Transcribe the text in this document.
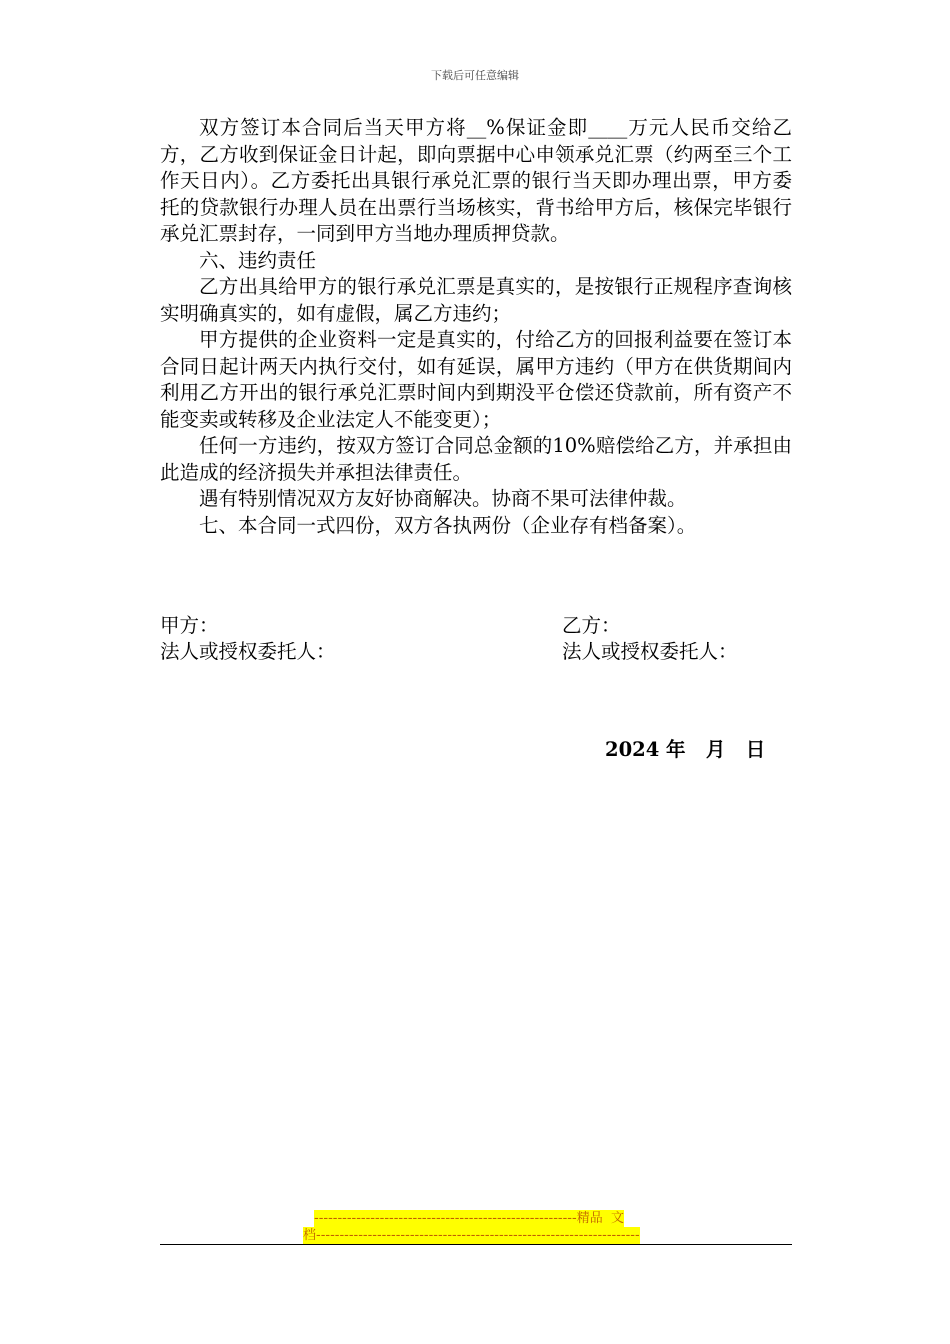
下载后可任意编辑

双方签订本合同后当天甲方将__%保证金即____万元人民币交给乙方，乙方收到保证金日计起，即向票据中心申领承兑汇票（约两至三个工作天日内）。乙方委托出具银行承兑汇票的银行当天即办理出票，甲方委托的贷款银行办理人员在出票行当场核实，背书给甲方后，核保完毕银行承兑汇票封存，一同到甲方当地办理质押贷款。

六、违约责任

乙方出具给甲方的银行承兑汇票是真实的，是按银行正规程序查询核实明确真实的，如有虚假，属乙方违约；

甲方提供的企业资料一定是真实的，付给乙方的回报利益要在签订本合同日起计两天内执行交付，如有延误，属甲方违约（甲方在供货期间内利用乙方开出的银行承兑汇票时间内到期没平仓偿还贷款前，所有资产不能变卖或转移及企业法定人不能变更）；

任何一方违约，按双方签订合同总金额的10%赔偿给乙方，并承担由此造成的经济损失并承担法律责任。

遇有特别情况双方友好协商解决。协商不果可法律仲裁。

七、本合同一式四份，双方各执两份（企业存有档备案）。

甲方：
法人或授权委托人：
乙方：
法人或授权委托人：
2024 年   月   日
--------------------------------------------------------精品  文
档---------------------------------------------------------------------
